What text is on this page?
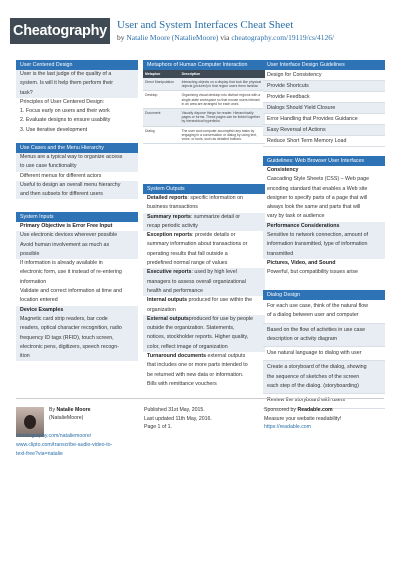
Cheatography User and System Interfaces Cheat Sheet
by Natalie Moore (NatalieMoore) via cheatography.com/19119/cs/4126/
User Centered Design
User is the last judge of the quality of a
system. Is will it help them perform their
task?
Principles of User Centered Design:
1. Focus early on users and their work
2. Evaluate designs to ensure usability
3. Use iterative development
Use Cases and the Menu Hierarchy
Menus are a typical way to organize access
to use case functionality
Different menus for different actors
Useful to design an overall menu hierarchy
and then subsets for different users
System Inputs
Primary Objective is Error Free Input
Use electronic devices wherever possible
Avoid human involvement as much as
possible
If information is already available in
electronic form, use it instead of re-entering
information
Validate and correct information at time and
location entered
Device Examples
Magnetic card strip readers, bar code
readers, optical character recognition, radio
frequency ID tags (RFID), touch screen,
electronic pens, digitizers, speech recogn-
ition
Metaphors of Human Computer Interaction
Metaphor	Description
Direct Manipulation	Interacting objects on a display that look like physical objects (pictured) in that region users them familiar.
Desktop	Organizing visual desktop into distinct regions with a single-state workspace so that mouse users interact in an area are arranged for each work.
Document	Visually dispose things for reader. Hierarchically pages or forms. These pages can be linked together by hierarchical hyperlinks.
Dialog	The user and computer accomplish any tasks by engaging in a conversation or dialog by using text, voice, or tools, such as detailed buttons.
System Outputs
Detailed reports: specific information on
business transactions
Summary reports: summarize detail or
recap periodic activity
Exception reports: provide details or
summary information about transactions or
operating results that fall outside a
predefined normal range of values
Executive reports: used by high level
managers to assess overall organizational
health and performance
Internal outputs produced for use within the
organization
External outputsproduced for use by people
outside the organization. Statements,
notices, stockholder reports. Higher quality,
color, reflect image of organization
Turnaround documents external outputs
that includes one or more parts intended to
be returned with new data or information.
Bills with remittance vouchers
User Interface Design Guidelines
Design for Consistency
Provide Shortcuts
Provide Feedback
Dialogs Should Yield Closure
Error Handling that Provides Guidance
Easy Reversal of Actions
Reduce Short Term Memory Load
Guidelines: Web Browser User Interfaces
Consistency
Cascading Style Sheets (CSS) – Web page
encoding standard that enables a Web site
designer to specify parts of a page that will
always look the same and parts that will
vary by task or audience
Performance Considerations
Sensitive to network connection, amount of
information transmitted, type of information
transmitted
Pictures, Video, and Sound
Powerful, but compatibility issues arise
Dialog Design
For each use case, think of the natural flow
of a dialog between user and computer
Based on the flow of activities in use case
description or activity diagram
Use natural language to dialog with user
Create a storyboard of the dialog, showing
the sequence of sketches of the screen
each step of the dialog. (storyboarding)
Review the storyboard with users
By Natalie Moore
(NatalieMoore)
cheatography.com/nataliemoore/
www.clipto.com/transcribe-audio-video-to-
text-free?via=natalie
Published 31st May, 2015.
Last updated 11th May, 2016.
Page 1 of 1.
Sponsored by Readable.com
Measure your website readability!
https://readable.com
